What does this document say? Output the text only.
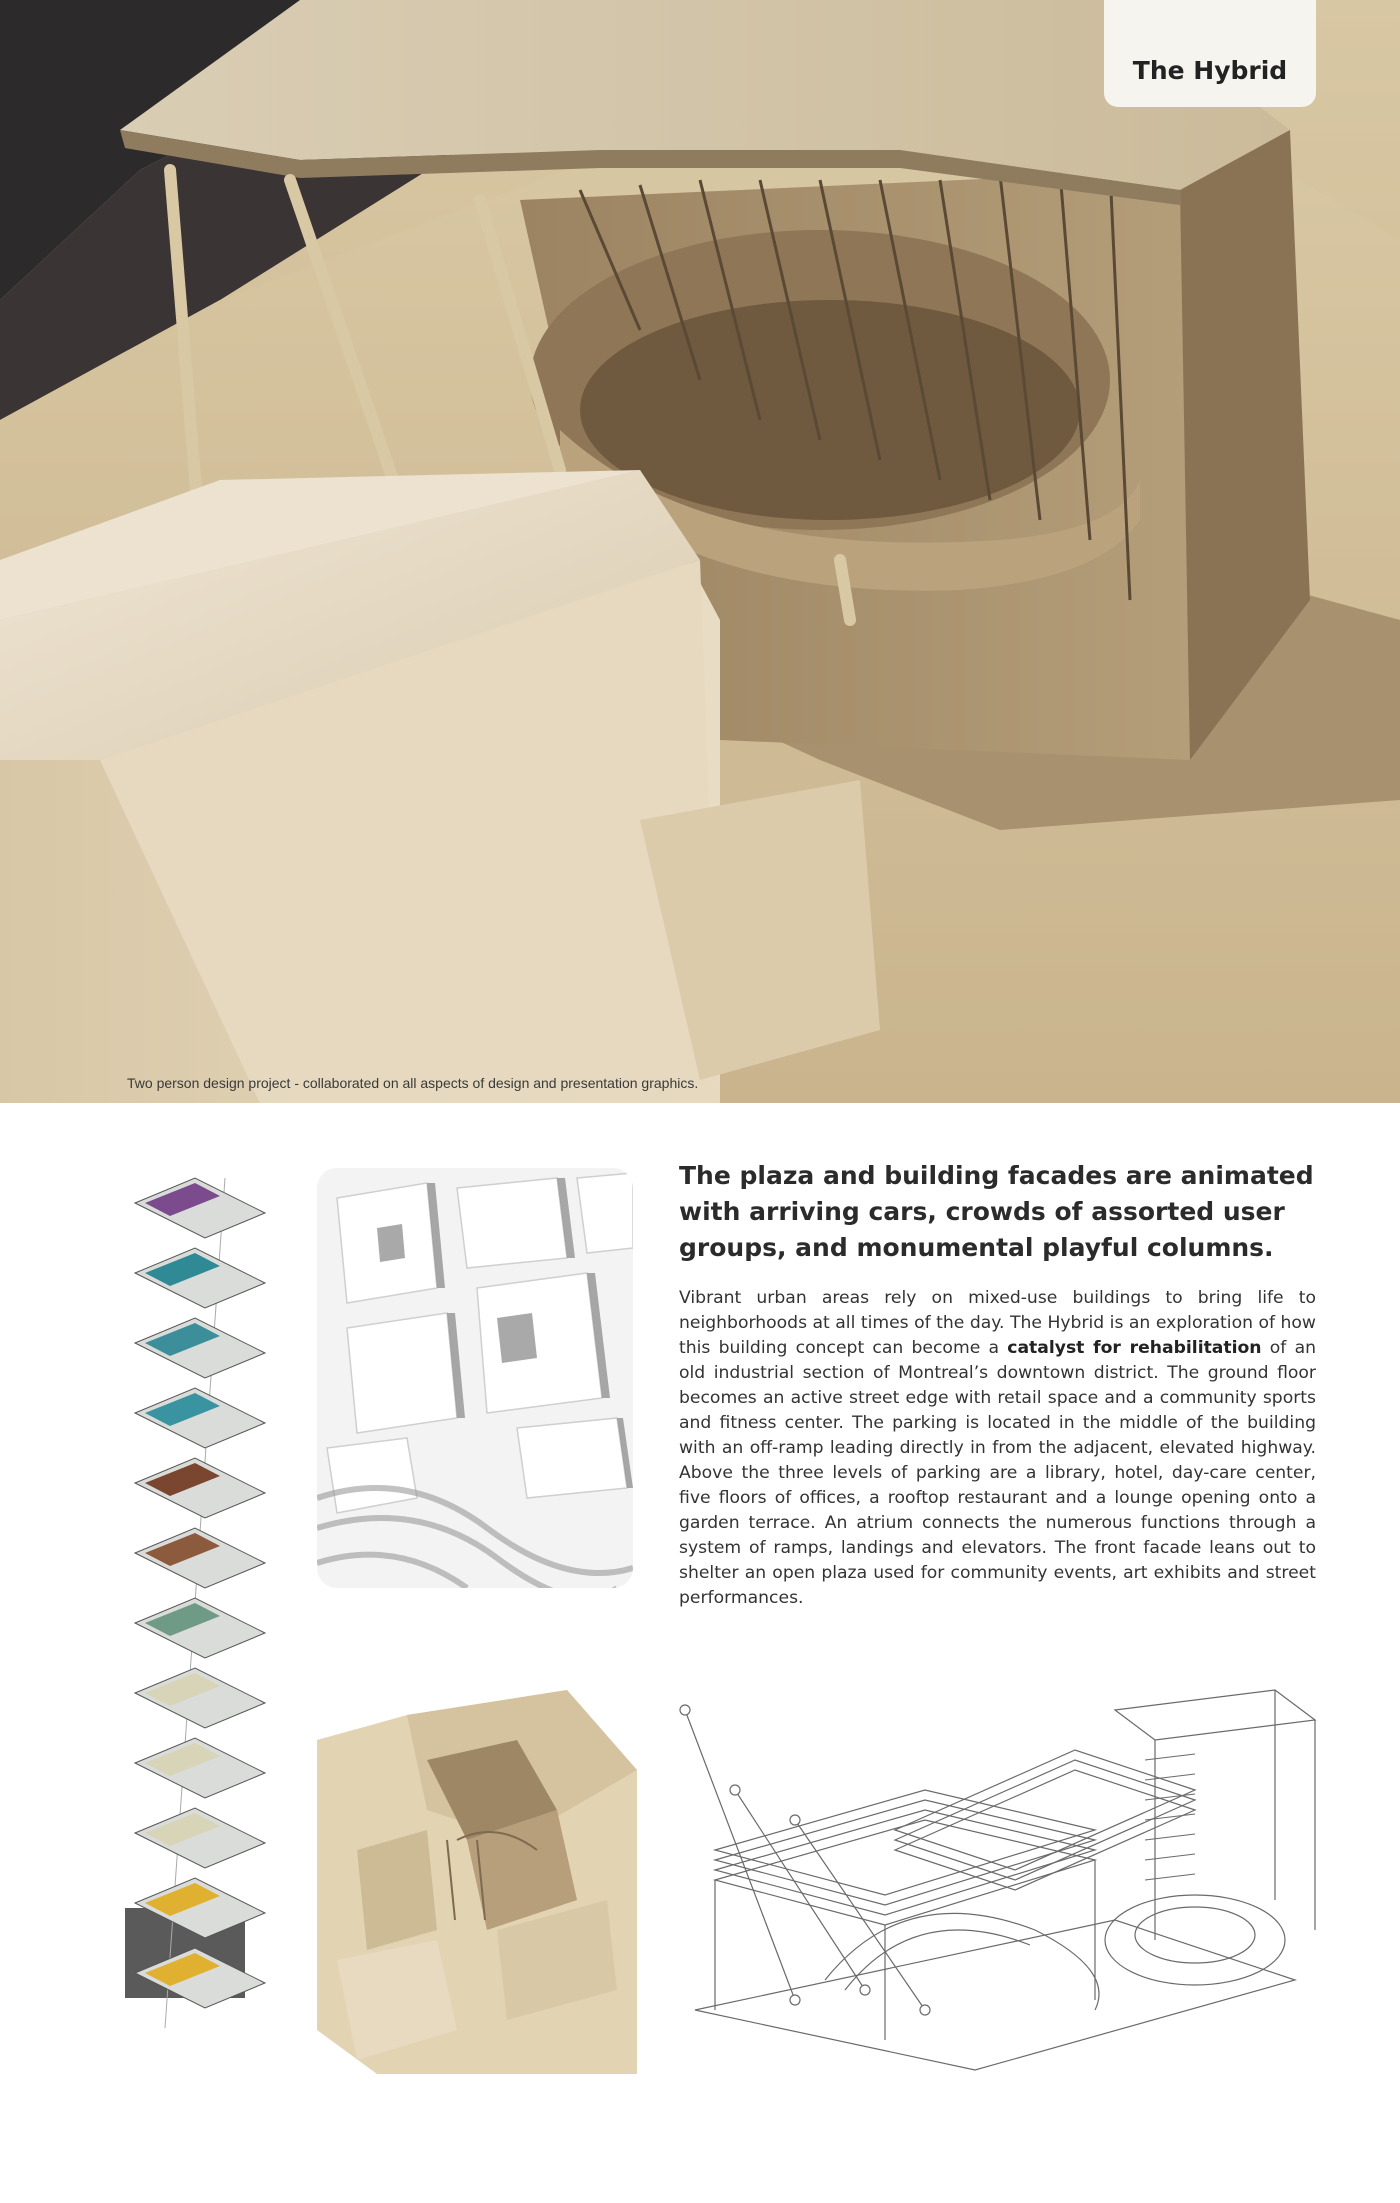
The Hybrid
Two person design project - collaborated on all aspects of design and presentation graphics.
The plaza and building facades are animated with arriving cars, crowds of assorted user groups, and monumental playful columns.

Vibrant urban areas rely on mixed-use buildings to bring life to neighborhoods at all times of the day. The Hybrid is an exploration of how this building concept can become a catalyst for rehabilitation of an old industrial section of Montreal’s downtown district. The ground floor becomes an active street edge with retail space and a community sports and fitness center. The parking is located in the middle of the building with an off-ramp leading directly in from the adjacent, elevated highway. Above the three levels of parking are a library, hotel, day-care center, five floors of offices, a rooftop restaurant and a lounge opening onto a garden terrace. An atrium connects the numerous functions through a system of ramps, landings and elevators. The front facade leans out to shelter an open plaza used for community events, art exhibits and street performances.
